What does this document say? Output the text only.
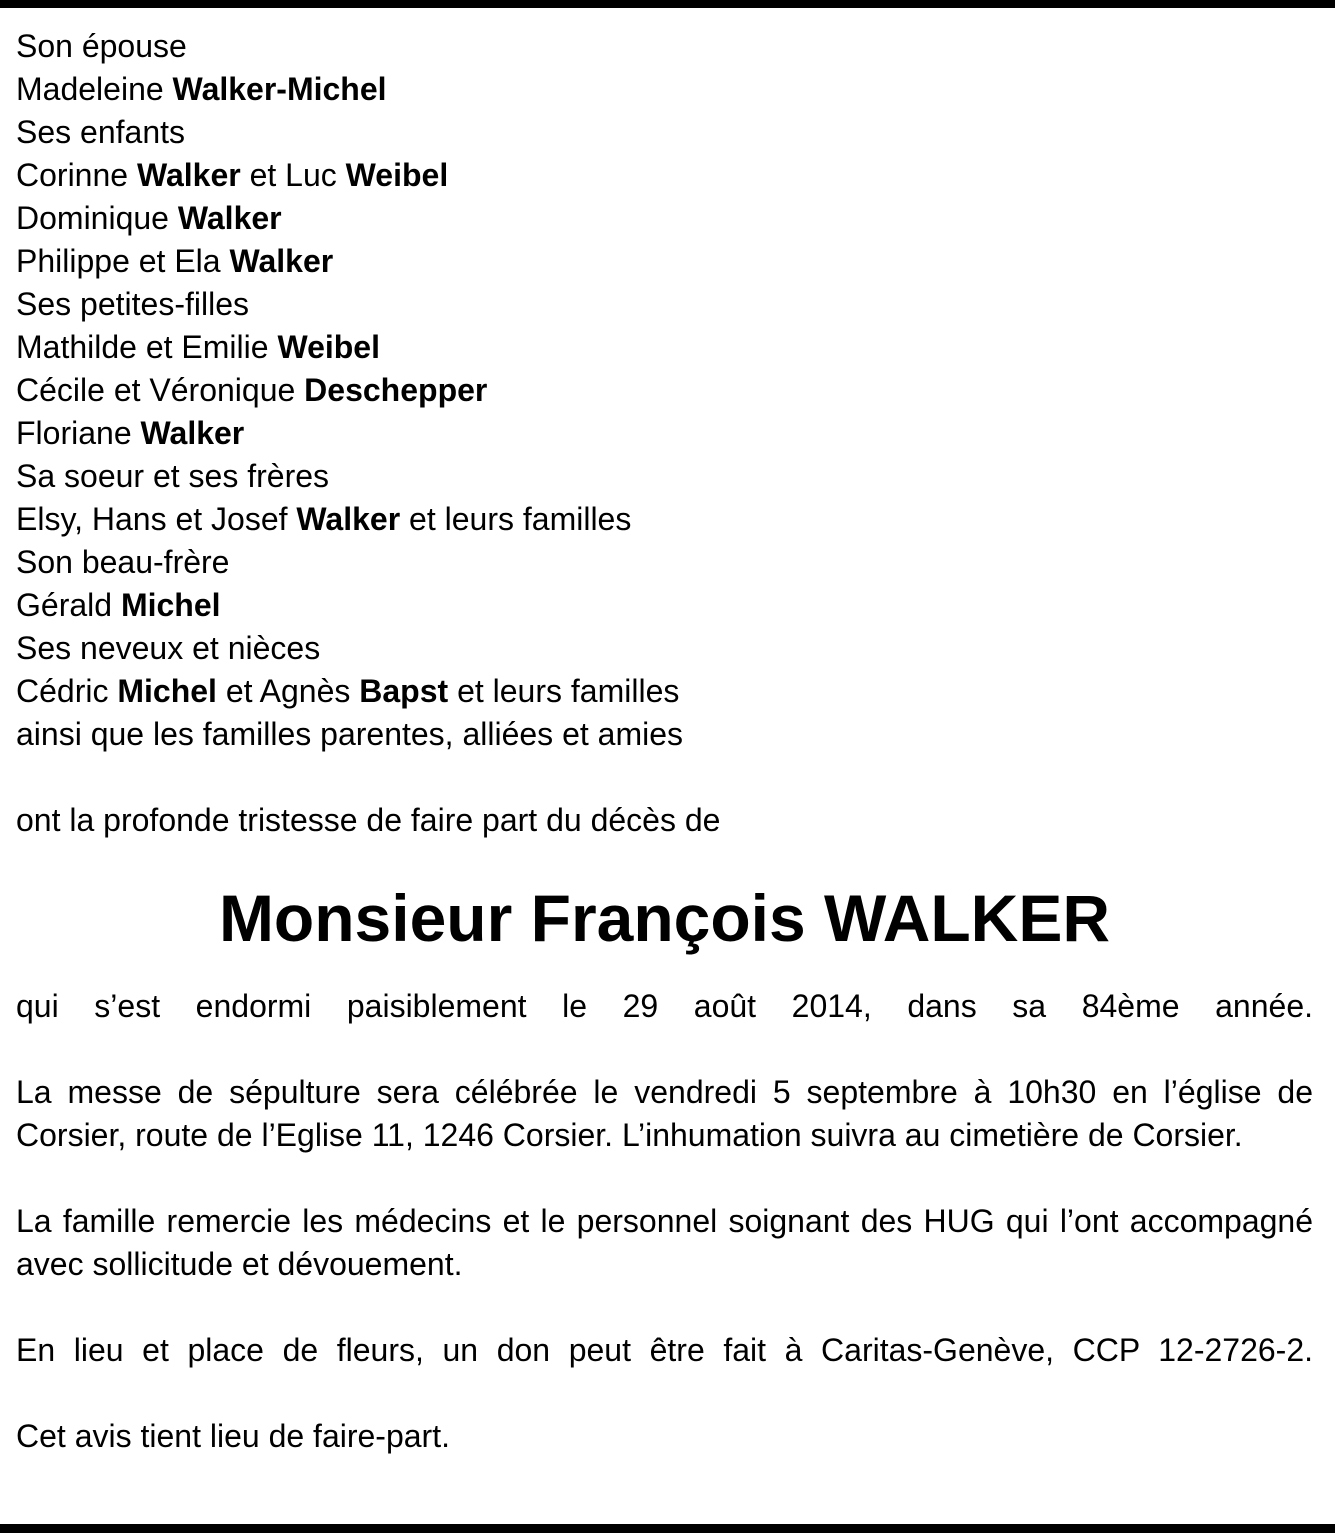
Son épouse
Madeleine Walker-Michel
Ses enfants
Corinne Walker et Luc Weibel
Dominique Walker
Philippe et Ela Walker
Ses petites-filles
Mathilde et Emilie Weibel
Cécile et Véronique Deschepper
Floriane Walker
Sa soeur et ses frères
Elsy, Hans et Josef Walker et leurs familles
Son beau-frère
Gérald Michel
Ses neveux et nièces
Cédric Michel et Agnès Bapst et leurs familles
ainsi que les familles parentes, alliées et amies

ont la profonde tristesse de faire part du décès de

Monsieur François WALKER

qui s’est endormi paisiblement le 29 août 2014, dans sa 84ème année.

La messe de sépulture sera célébrée le vendredi 5 septembre à 10h30 en l’église de Corsier, route de l’Eglise 11, 1246 Corsier. L’inhumation suivra au cimetière de Corsier.

La famille remercie les médecins et le personnel soignant des HUG qui l’ont accompagné avec sollicitude et dévouement.

En lieu et place de fleurs, un don peut être fait à Caritas-Genève, CCP 12-2726-2.

Cet avis tient lieu de faire-part.
